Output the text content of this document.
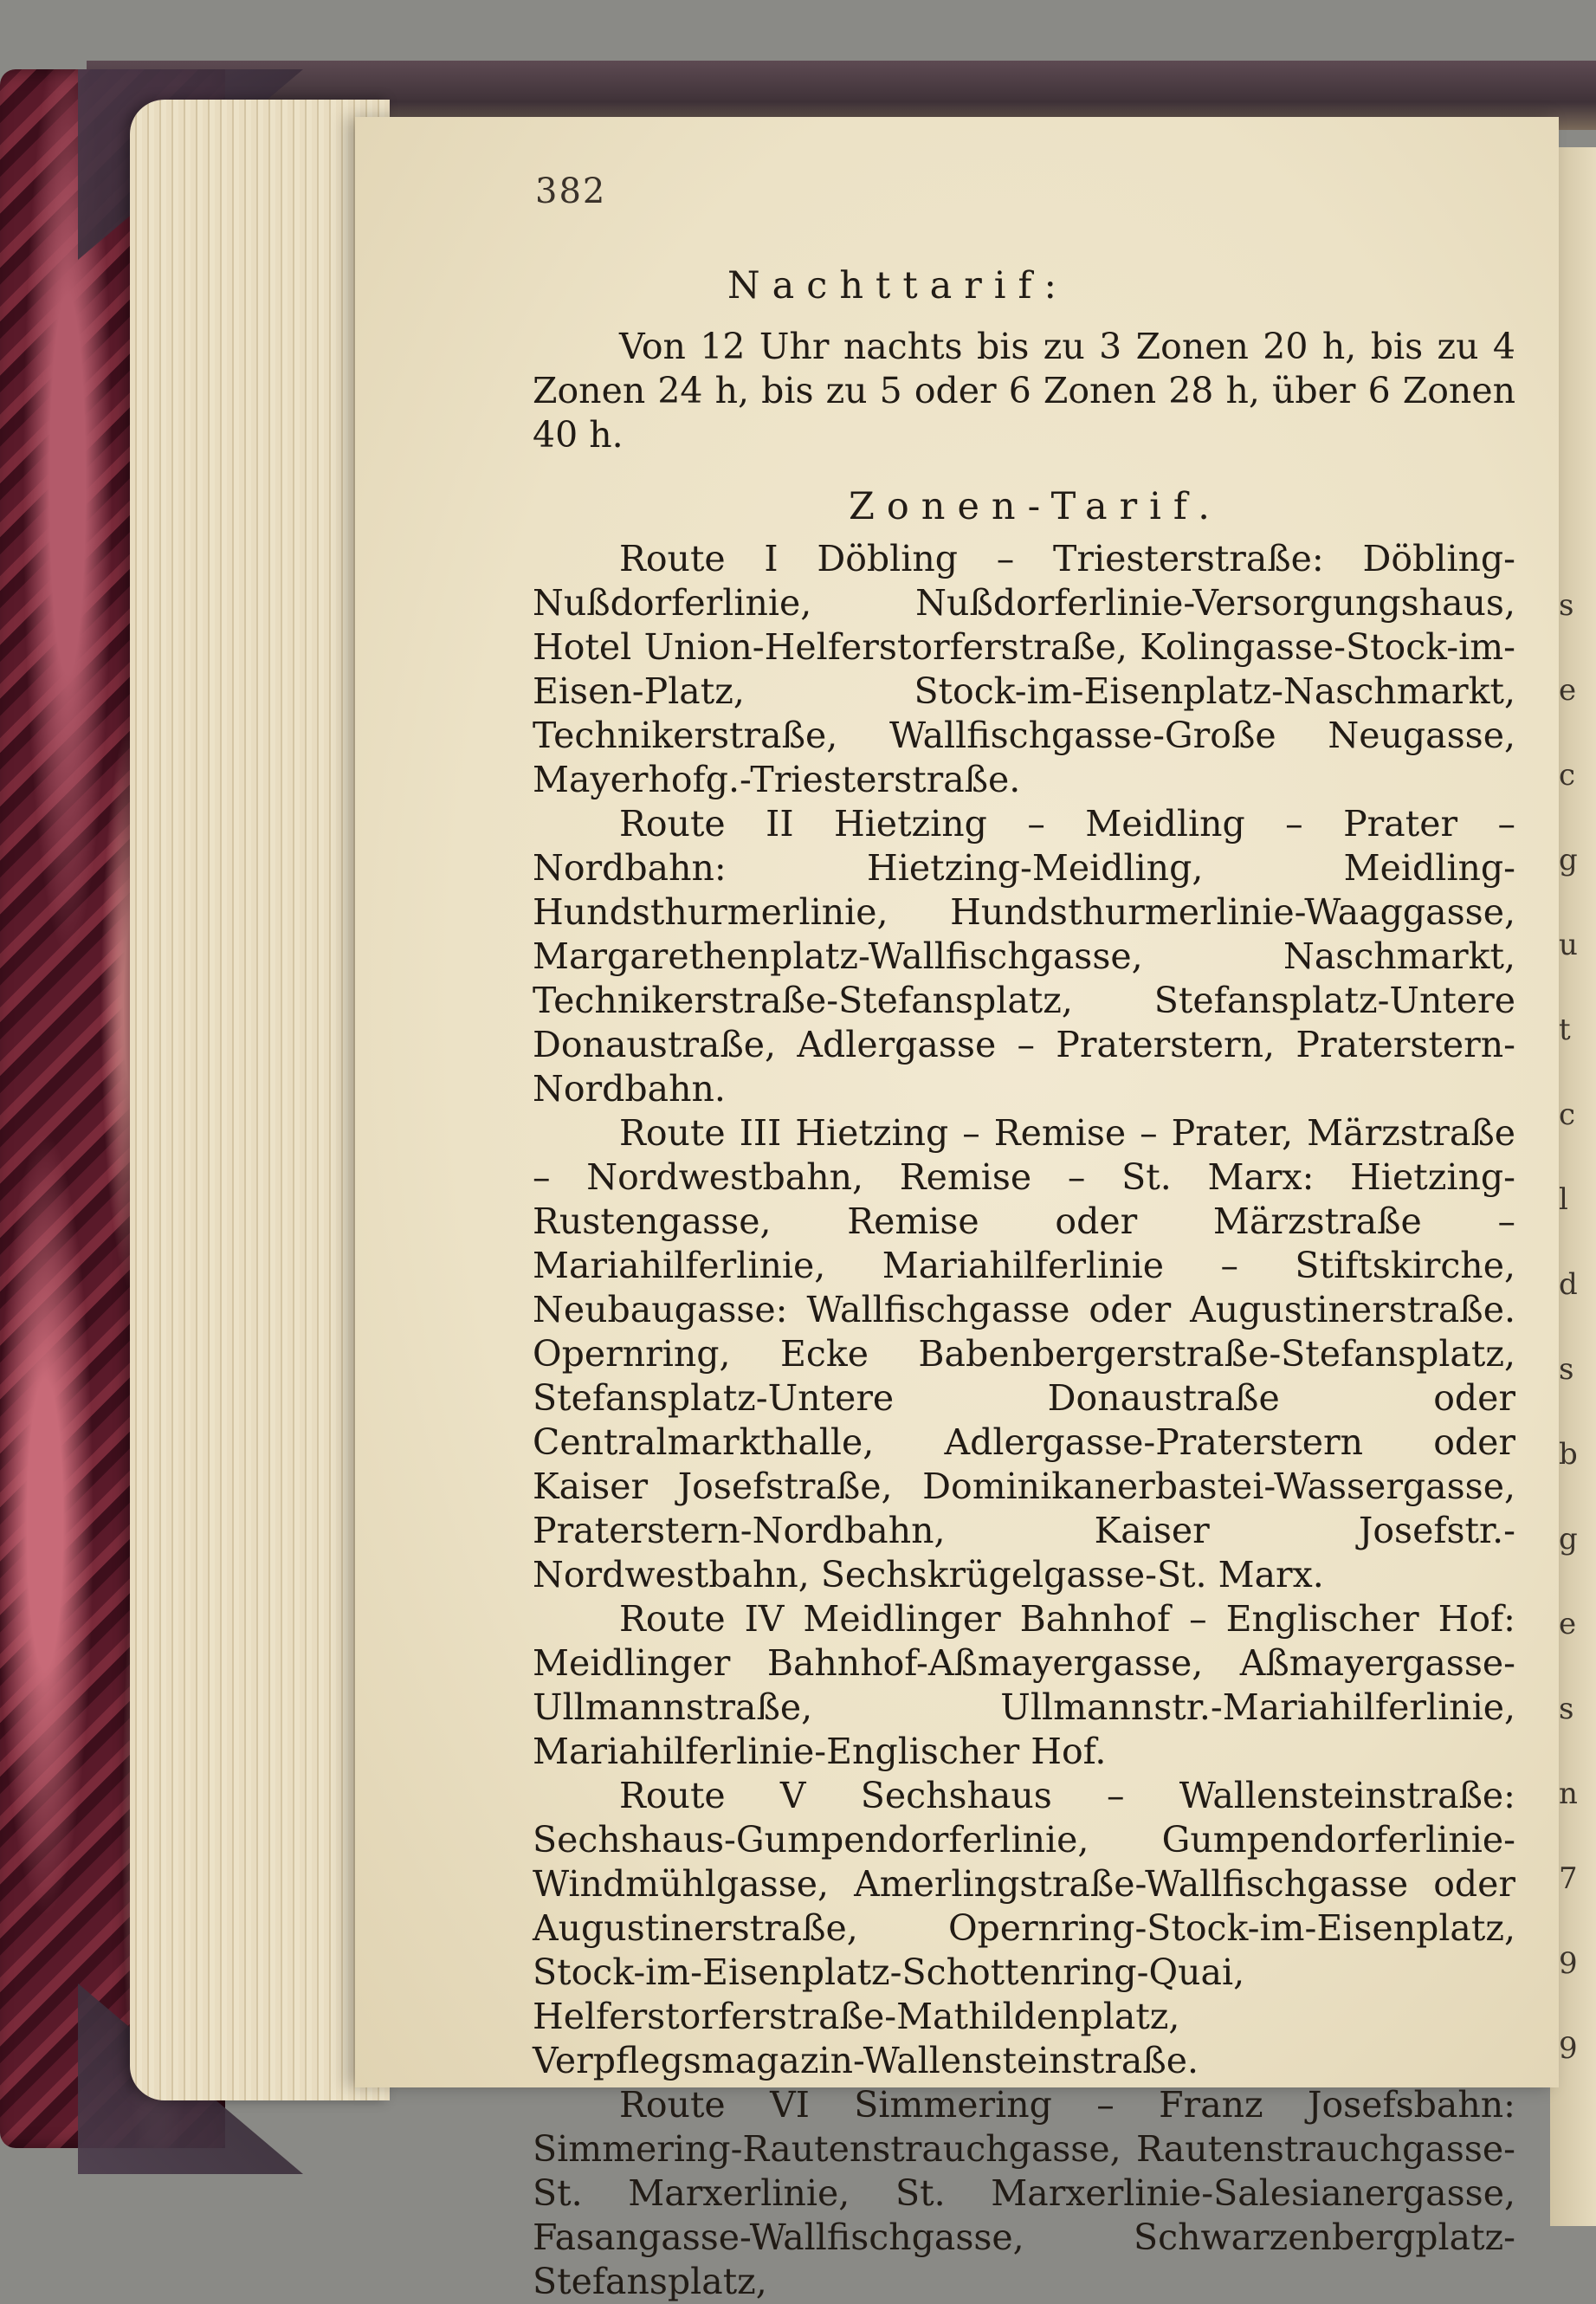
382
Nachttarif:
Von 12 Uhr nachts bis zu 3 Zonen 20 h, bis zu 4 Zonen 24 h, bis zu 5 oder 6 Zonen 28 h, über 6 Zonen 40 h.
Zonen-Tarif.

Route I Döbling – Triesterstraße: Döbling-Nußdorferlinie, Nußdorferlinie-Versorgungshaus, Hotel Union-Helferstorferstraße, Kolingasse-Stock-im-Eisen-Platz, Stock-im-Eisenplatz-Naschmarkt, Technikerstraße, Wallfischgasse-Große Neugasse, Mayerhofg.-Triesterstraße.

Route II Hietzing – Meidling – Prater – Nordbahn: Hietzing-Meidling, Meidling-Hundsthurmerlinie, Hundsthurmerlinie-Waaggasse, Margarethenplatz-Wallfischgasse, Naschmarkt, Technikerstraße-Stefansplatz, Stefansplatz-Untere Donaustraße, Adlergasse – Praterstern, Praterstern-Nordbahn.

Route III Hietzing – Remise – Prater, Märzstraße – Nordwestbahn, Remise – St. Marx: Hietzing-Rustengasse, Remise oder Märzstraße – Mariahilferlinie, Mariahilferlinie – Stiftskirche, Neubaugasse: Wallfischgasse oder Augustinerstraße. Opernring, Ecke Babenbergerstraße-Stefansplatz, Stefansplatz-Untere Donaustraße oder Centralmarkthalle, Adlergasse-Praterstern oder Kaiser Josefstraße, Dominikanerbastei-Wassergasse, Praterstern-Nordbahn, Kaiser Josefstr.-Nordwestbahn, Sechskrügelgasse-St. Marx.

Route IV Meidlinger Bahnhof – Englischer Hof: Meidlinger Bahnhof-Aßmayergasse, Aßmayergasse-Ullmannstraße, Ullmannstr.-Mariahilferlinie, Mariahilferlinie-Englischer Hof.

Route V Sechshaus – Wallensteinstraße: Sechshaus-Gumpendorferlinie, Gumpendorferlinie-Windmühlgasse, Amerlingstraße-Wallfischgasse oder Augustinerstraße, Opernring-Stock-im-Eisenplatz, Stock-im-Eisenplatz-Schottenring-Quai, Helferstorferstraße-Mathildenplatz, Verpflegsmagazin-Wallensteinstraße.

Route VI Simmering – Franz Josefsbahn: Simmering-Rautenstrauchgasse, Rautenstrauchgasse-St. Marxerlinie, St. Marxerlinie-Salesianergasse, Fasangasse-Wallfischgasse, Schwarzenbergplatz-Stefansplatz,

s
e
c
g
u
t
c
l
d
s
b
g
e
s
n
7
9
9
